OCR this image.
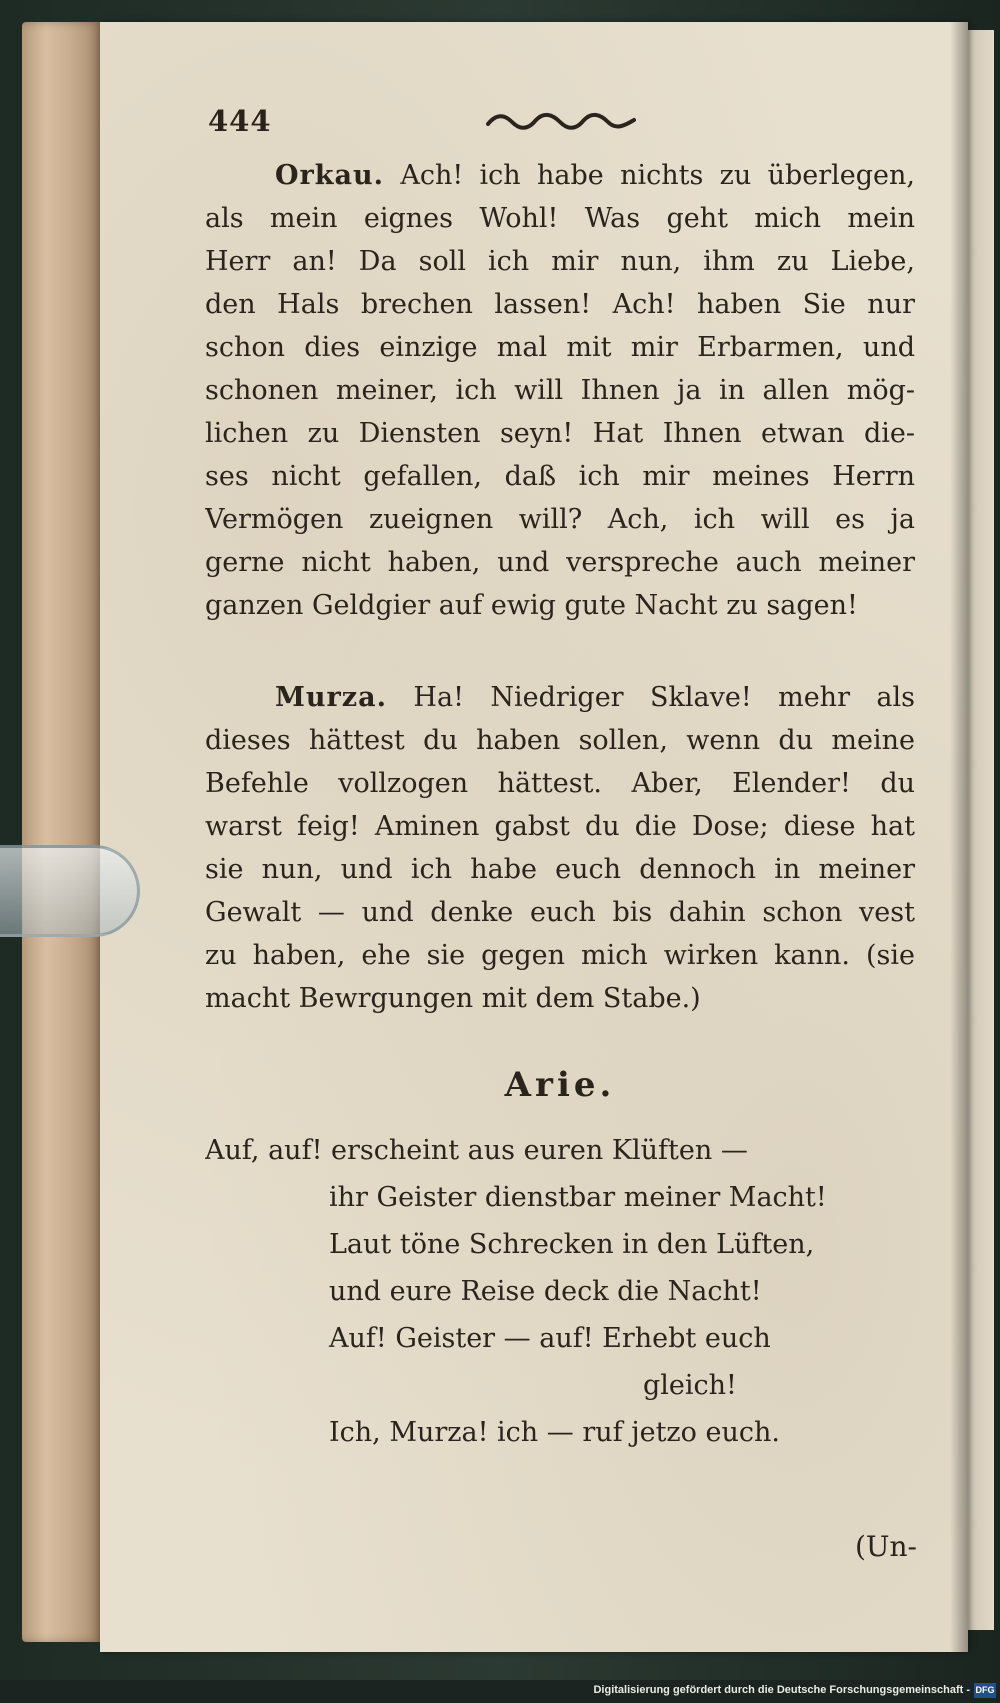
444
Orkau. Ach! ich habe nichts zu überlegen,
als mein eignes Wohl! Was geht mich mein
Herr an! Da soll ich mir nun, ihm zu Liebe,
den Hals brechen lassen! Ach! haben Sie nur
schon dies einzige mal mit mir Erbarmen, und
schonen meiner, ich will Ihnen ja in allen mög-
lichen zu Diensten seyn! Hat Ihnen etwan die-
ses nicht gefallen, daß ich mir meines Herrn
Vermögen zueignen will? Ach, ich will es ja
gerne nicht haben, und verspreche auch meiner
ganzen Geldgier auf ewig gute Nacht zu sagen!
Murza. Ha! Niedriger Sklave! mehr als
dieses hättest du haben sollen, wenn du meine
Befehle vollzogen hättest. Aber, Elender! du
warst feig! Aminen gabst du die Dose; diese hat
sie nun, und ich habe euch dennoch in meiner
Gewalt — und denke euch bis dahin schon vest
zu haben, ehe sie gegen mich wirken kann. (sie
macht Bewrgungen mit dem Stabe.)
Arie.
Auf, auf! erscheint aus euren Klüften —
ihr Geister dienstbar meiner Macht!
Laut töne Schrecken in den Lüften,
und eure Reise deck die Nacht!
Auf! Geister — auf! Erhebt euch
gleich!
Ich, Murza! ich — ruf jetzo euch.
(Un-
Digitalisierung gefördert durch die Deutsche Forschungsgemeinschaft - DFG
